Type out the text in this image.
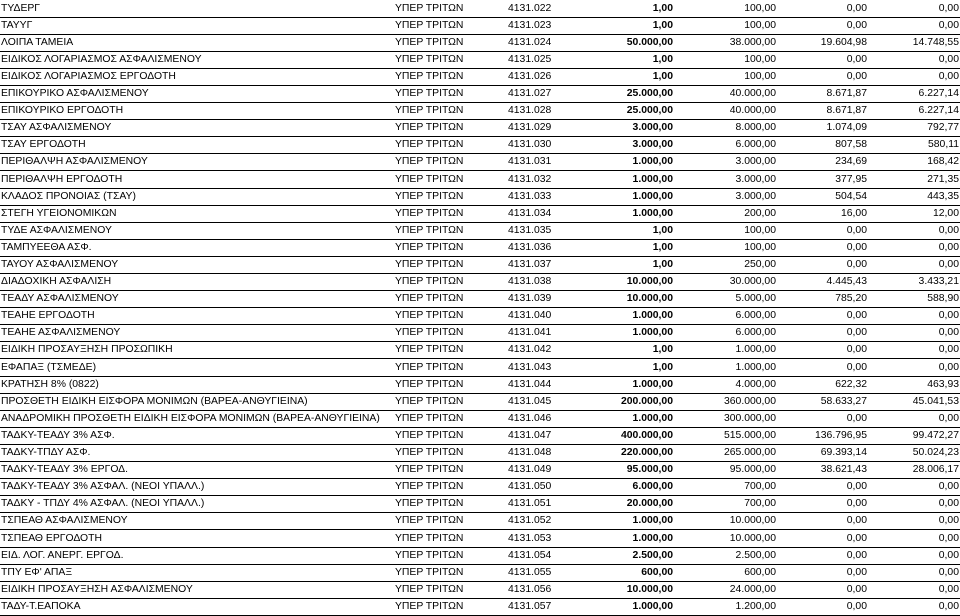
ΤΥΔΕΡΓ	ΥΠΕΡ ΤΡΙΤΩΝ	4131.022	1,00	100,00	0,00	0,00
ΤΑΥΥΓ	ΥΠΕΡ ΤΡΙΤΩΝ	4131.023	1,00	100,00	0,00	0,00
ΛΟΙΠΑ ΤΑΜΕΙΑ	ΥΠΕΡ ΤΡΙΤΩΝ	4131.024	50.000,00	38.000,00	19.604,98	14.748,55
ΕΙΔΙΚΟΣ ΛΟΓΑΡΙΑΣΜΟΣ ΑΣΦΑΛΙΣΜΕΝΟΥ	ΥΠΕΡ ΤΡΙΤΩΝ	4131.025	1,00	100,00	0,00	0,00
ΕΙΔΙΚΟΣ ΛΟΓΑΡΙΑΣΜΟΣ ΕΡΓΟΔΟΤΗ	ΥΠΕΡ ΤΡΙΤΩΝ	4131.026	1,00	100,00	0,00	0,00
ΕΠΙΚΟΥΡΙΚΟ ΑΣΦΑΛΙΣΜΕΝΟΥ	ΥΠΕΡ ΤΡΙΤΩΝ	4131.027	25.000,00	40.000,00	8.671,87	6.227,14
ΕΠΙΚΟΥΡΙΚΟ ΕΡΓΟΔΟΤΗ	ΥΠΕΡ ΤΡΙΤΩΝ	4131.028	25.000,00	40.000,00	8.671,87	6.227,14
ΤΣΑΥ ΑΣΦΑΛΙΣΜΕΝΟΥ	ΥΠΕΡ ΤΡΙΤΩΝ	4131.029	3.000,00	8.000,00	1.074,09	792,77
ΤΣΑΥ ΕΡΓΟΔΟΤΗ	ΥΠΕΡ ΤΡΙΤΩΝ	4131.030	3.000,00	6.000,00	807,58	580,11
ΠΕΡΙΘΑΛΨΗ ΑΣΦΑΛΙΣΜΕΝΟΥ	ΥΠΕΡ ΤΡΙΤΩΝ	4131.031	1.000,00	3.000,00	234,69	168,42
ΠΕΡΙΘΑΛΨΗ ΕΡΓΟΔΟΤΗ	ΥΠΕΡ ΤΡΙΤΩΝ	4131.032	1.000,00	3.000,00	377,95	271,35
ΚΛΑΔΟΣ ΠΡΟΝΟΙΑΣ (ΤΣΑΥ)	ΥΠΕΡ ΤΡΙΤΩΝ	4131.033	1.000,00	3.000,00	504,54	443,35
ΣΤΕΓΗ ΥΓΕΙΟΝΟΜΙΚΩΝ	ΥΠΕΡ ΤΡΙΤΩΝ	4131.034	1.000,00	200,00	16,00	12,00
ΤΥΔΕ ΑΣΦΑΛΙΣΜΕΝΟΥ	ΥΠΕΡ ΤΡΙΤΩΝ	4131.035	1,00	100,00	0,00	0,00
ΤΑΜΠΥΕΕΘΑ ΑΣΦ.	ΥΠΕΡ ΤΡΙΤΩΝ	4131.036	1,00	100,00	0,00	0,00
ΤΑΥΟΥ ΑΣΦΑΛΙΣΜΕΝΟΥ	ΥΠΕΡ ΤΡΙΤΩΝ	4131.037	1,00	250,00	0,00	0,00
ΔΙΑΔΟΧΙΚΗ ΑΣΦΑΛΙΣΗ	ΥΠΕΡ ΤΡΙΤΩΝ	4131.038	10.000,00	30.000,00	4.445,43	3.433,21
ΤΕΑΔΥ ΑΣΦΑΛΙΣΜΕΝΟΥ	ΥΠΕΡ ΤΡΙΤΩΝ	4131.039	10.000,00	5.000,00	785,20	588,90
ΤΕΑΗΕ ΕΡΓΟΔΟΤΗ	ΥΠΕΡ ΤΡΙΤΩΝ	4131.040	1.000,00	6.000,00	0,00	0,00
ΤΕΑΗΕ ΑΣΦΑΛΙΣΜΕΝΟΥ	ΥΠΕΡ ΤΡΙΤΩΝ	4131.041	1.000,00	6.000,00	0,00	0,00
ΕΙΔΙΚΗ ΠΡΟΣΑΥΞΗΣΗ ΠΡΟΣΩΠΙΚΗ	ΥΠΕΡ ΤΡΙΤΩΝ	4131.042	1,00	1.000,00	0,00	0,00
ΕΦΑΠΑΞ (ΤΣΜΕΔΕ)	ΥΠΕΡ ΤΡΙΤΩΝ	4131.043	1,00	1.000,00	0,00	0,00
ΚΡΑΤΗΣΗ 8% (0822)	ΥΠΕΡ ΤΡΙΤΩΝ	4131.044	1.000,00	4.000,00	622,32	463,93
ΠΡΟΣΘΕΤΗ ΕΙΔΙΚΗ ΕΙΣΦΟΡΑ ΜΟΝΙΜΩΝ (ΒΑΡΕΑ-ΑΝΘΥΓΙΕΙΝΑ)	ΥΠΕΡ ΤΡΙΤΩΝ	4131.045	200.000,00	360.000,00	58.633,27	45.041,53
ΑΝΑΔΡΟΜΙΚΗ ΠΡΟΣΘΕΤΗ ΕΙΔΙΚΗ ΕΙΣΦΟΡΑ ΜΟΝΙΜΩΝ (ΒΑΡΕΑ-ΑΝΘΥΓΙΕΙΝΑ)	ΥΠΕΡ ΤΡΙΤΩΝ	4131.046	1.000,00	300.000,00	0,00	0,00
ΤΑΔΚΥ-ΤΕΑΔΥ 3% ΑΣΦ.	ΥΠΕΡ ΤΡΙΤΩΝ	4131.047	400.000,00	515.000,00	136.796,95	99.472,27
ΤΑΔΚΥ-ΤΠΔΥ ΑΣΦ.	ΥΠΕΡ ΤΡΙΤΩΝ	4131.048	220.000,00	265.000,00	69.393,14	50.024,23
ΤΑΔΚΥ-ΤΕΑΔΥ 3% ΕΡΓΟΔ.	ΥΠΕΡ ΤΡΙΤΩΝ	4131.049	95.000,00	95.000,00	38.621,43	28.006,17
ΤΑΔΚΥ-ΤΕΑΔΥ 3% ΑΣΦΑΛ. (ΝΕΟΙ ΥΠΑΛΛ.)	ΥΠΕΡ ΤΡΙΤΩΝ	4131.050	6.000,00	700,00	0,00	0,00
ΤΑΔΚΥ - ΤΠΔΥ 4% ΑΣΦΑΛ. (ΝΕΟΙ ΥΠΑΛΛ.)	ΥΠΕΡ ΤΡΙΤΩΝ	4131.051	20.000,00	700,00	0,00	0,00
ΤΣΠΕΑΘ ΑΣΦΑΛΙΣΜΕΝΟΥ	ΥΠΕΡ ΤΡΙΤΩΝ	4131.052	1.000,00	10.000,00	0,00	0,00
ΤΣΠΕΑΘ ΕΡΓΟΔΟΤΗ	ΥΠΕΡ ΤΡΙΤΩΝ	4131.053	1.000,00	10.000,00	0,00	0,00
ΕΙΔ. ΛΟΓ. ΑΝΕΡΓ. ΕΡΓΟΔ.	ΥΠΕΡ ΤΡΙΤΩΝ	4131.054	2.500,00	2.500,00	0,00	0,00
ΤΠΥ ΕΦ' ΑΠΑΞ	ΥΠΕΡ ΤΡΙΤΩΝ	4131.055	600,00	600,00	0,00	0,00
ΕΙΔΙΚΗ ΠΡΟΣΑΥΞΗΣΗ ΑΣΦΑΛΙΣΜΕΝΟΥ	ΥΠΕΡ ΤΡΙΤΩΝ	4131.056	10.000,00	24.000,00	0,00	0,00
ΤΑΔΥ-Τ.ΕΑΠΟΚΑ	ΥΠΕΡ ΤΡΙΤΩΝ	4131.057	1.000,00	1.200,00	0,00	0,00
